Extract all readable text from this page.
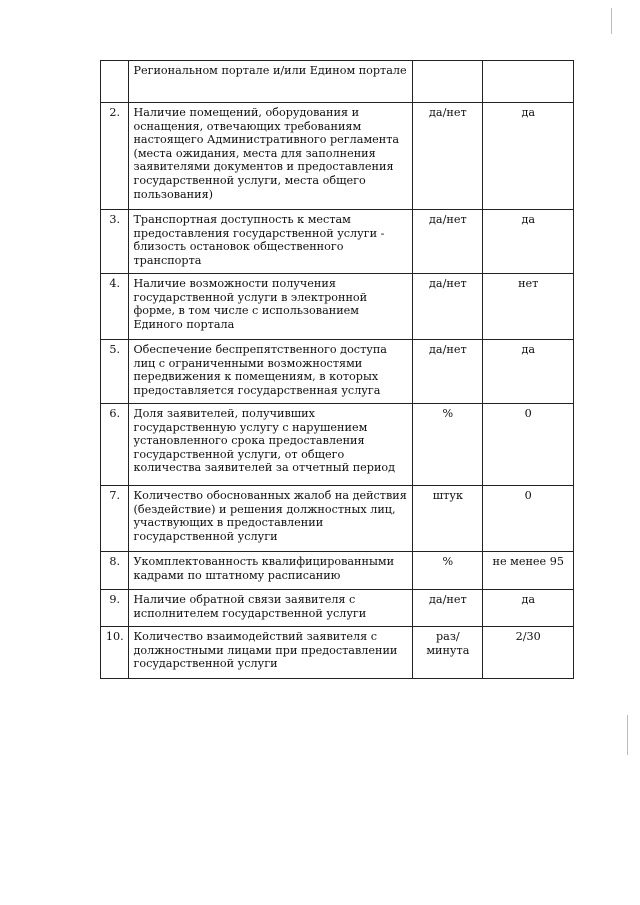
	Региональном портале и/или Едином портале		
2.	Наличие помещений, оборудования и оснащения, отвечающих требованиям настоящего Административного регламента (места ожидания, места для заполнения заявителями документов и предоставления государственной услуги, места общего пользования)	да/нет	да
3.	Транспортная доступность к местам предоставления государственной услуги - близость остановок общественного транспорта	да/нет	да
4.	Наличие возможности получения государственной услуги в электронной форме, в том числе с использованием Единого портала	да/нет	нет
5.	Обеспечение беспрепятственного доступа лиц с ограниченными возможностями передвижения к помещениям, в которых предоставляется государственная услуга	да/нет	да
6.	Доля заявителей, получивших государственную услугу с нарушением установленного срока предоставления государственной услуги, от общего количества заявителей за отчетный период	%	0
7.	Количество обоснованных жалоб на действия (бездействие) и решения должностных лиц, участвующих в предоставлении государственной услуги	штук	0
8.	Укомплектованность квалифицированными кадрами по штатному расписанию	%	не менее 95
9.	Наличие обратной связи заявителя с исполнителем государственной услуги	да/нет	да
10.	Количество взаимодействий заявителя с должностными лицами при предоставлении государственной услуги	раз/минута	2/30
